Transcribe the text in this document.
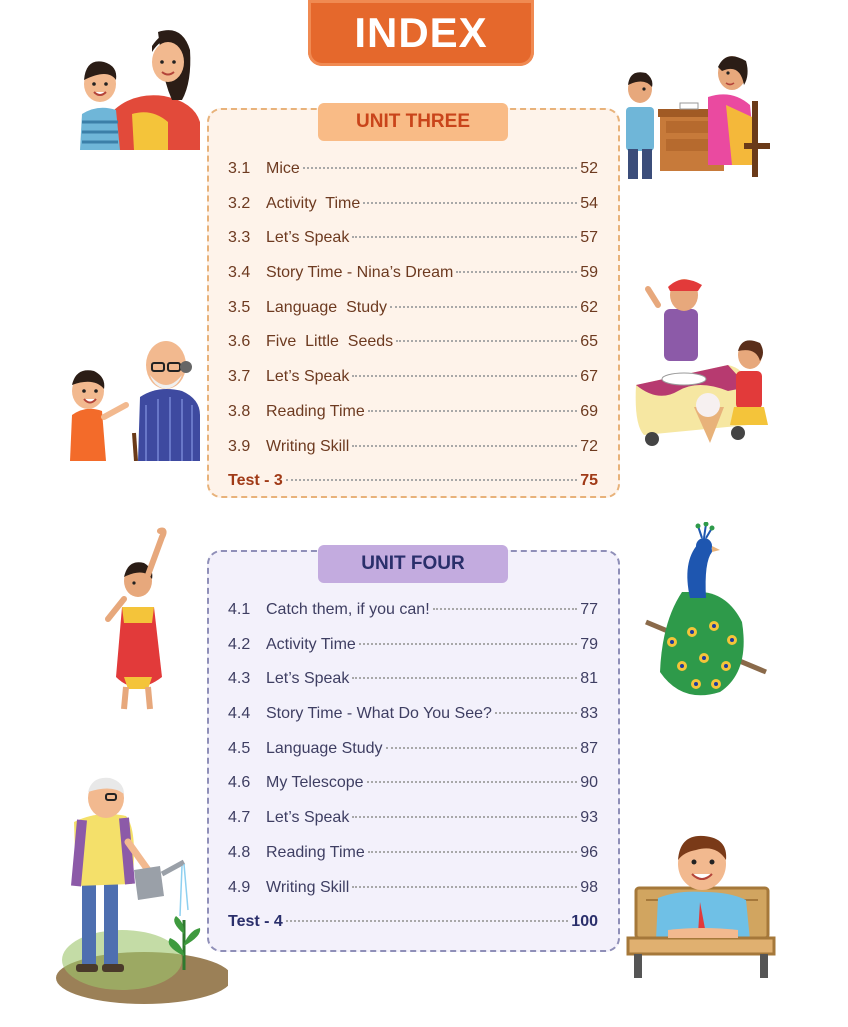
INDEX
UNIT THREE
3.1 Mice	52
3.2 Activity  Time	54
3.3 Let’s Speak	57
3.4 Story Time - Nina’s Dream	59
3.5 Language  Study	62
3.6 Five  Little  Seeds	65
3.7 Let’s Speak	67
3.8 Reading Time	69
3.9 Writing Skill	72
Test - 3	75
UNIT FOUR
4.1 Catch them, if you can!	77
4.2 Activity Time	79
4.3 Let’s Speak	81
4.4 Story Time - What Do You See?	83
4.5 Language Study	87
4.6 My Telescope	90
4.7 Let’s Speak	93
4.8 Reading Time	96
4.9 Writing Skill	98
Test - 4	100
